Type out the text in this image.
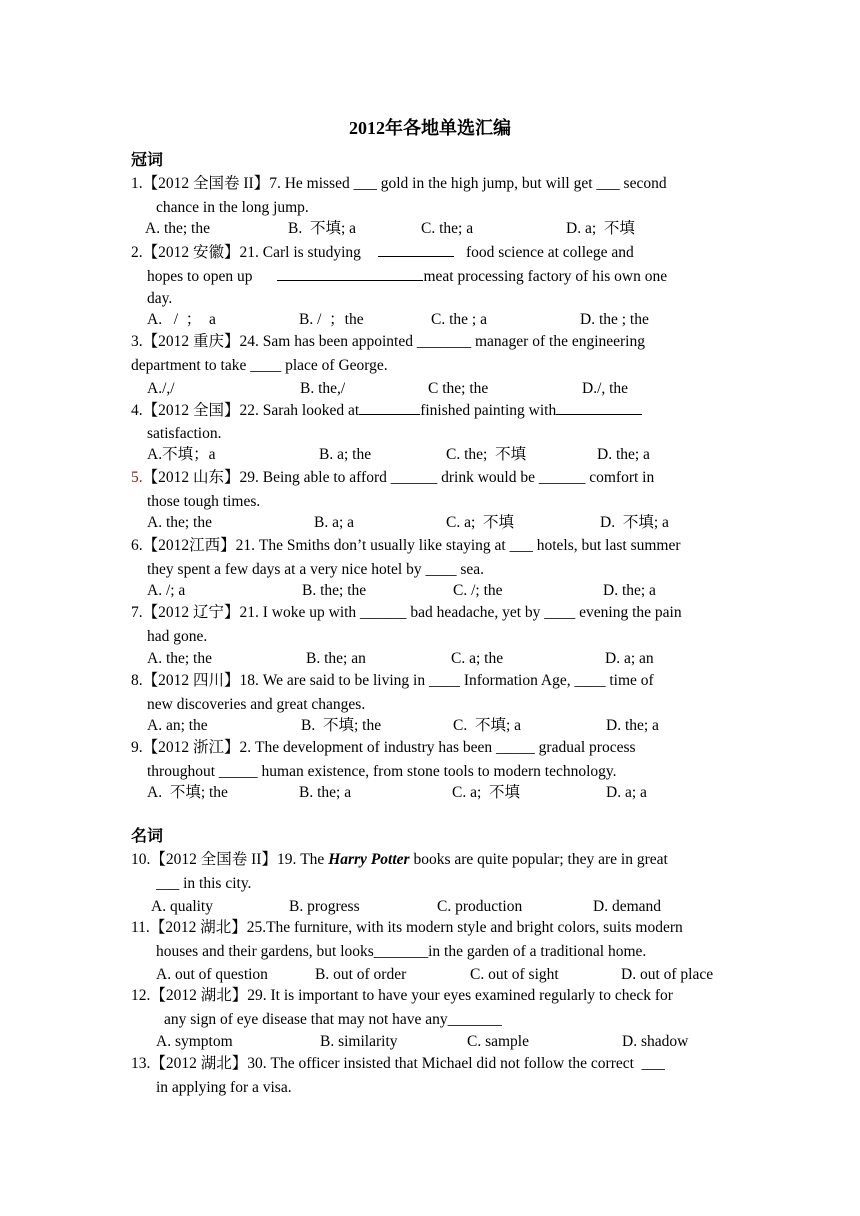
2012年各地单选汇编
冠词
1.【2012 全国卷 II】7. He missed ___ gold in the high jump, but will get ___ second
chance in the long jump.
A. the; the	B.  不填; a	C. the; a	D. a;  不填
2.【2012 安徽】21. Carl is studying	food science at college and
hopes to open up	meat processing factory of his own one
day.
A.   /  ；  a	B. /  ；the	C. the ; a	D. the ; the
3.【2012 重庆】24. Sam has been appointed _______ manager of the engineering
department to take ____ place of George.
A./,/	B. the,/	C the; the	D./, the
4.【2012 全国】22. Sarah looked at	finished painting with
satisfaction.
A.不填；a	B. a; the	C. the;  不填	D. the; a
5.【2012 山东】29. Being able to afford ______ drink would be ______ comfort in
those tough times.
A. the; the	B. a; a	C. a;  不填	D.  不填; a
6.【2012江西】21. The Smiths don’t usually like staying at ___ hotels, but last summer
they spent a few days at a very nice hotel by ____ sea.
A. /; a	B. the; the	C. /; the	D. the; a
7.【2012 辽宁】21. I woke up with ______ bad headache, yet by ____ evening the pain
had gone.
A. the; the	B. the; an	C. a; the	D. a; an
8.【2012 四川】18. We are said to be living in ____ Information Age, ____ time of
new discoveries and great changes.
A. an; the	B.  不填; the	C.  不填; a	D. the; a
9.【2012 浙江】2. The development of industry has been _____ gradual process
throughout _____ human existence, from stone tools to modern technology.
A.  不填; the	B. the; a	C. a;  不填	D. a; a
名词
10.【2012 全国卷 II】19. The Harry Potter books are quite popular; they are in great
___ in this city.
A. quality	B. progress	C. production	D. demand
11.【2012 湖北】25.The furniture, with its modern style and bright colors, suits modern
houses and their gardens, but looks_______in the garden of a traditional home.
A. out of question	B. out of order	C. out of sight	D. out of place
12.【2012 湖北】29. It is important to have your eyes examined regularly to check for
any sign of eye disease that may not have any_______
A. symptom	B. similarity	C. sample	D. shadow
13.【2012 湖北】30. The officer insisted that Michael did not follow the correct  ___
in applying for a visa.
